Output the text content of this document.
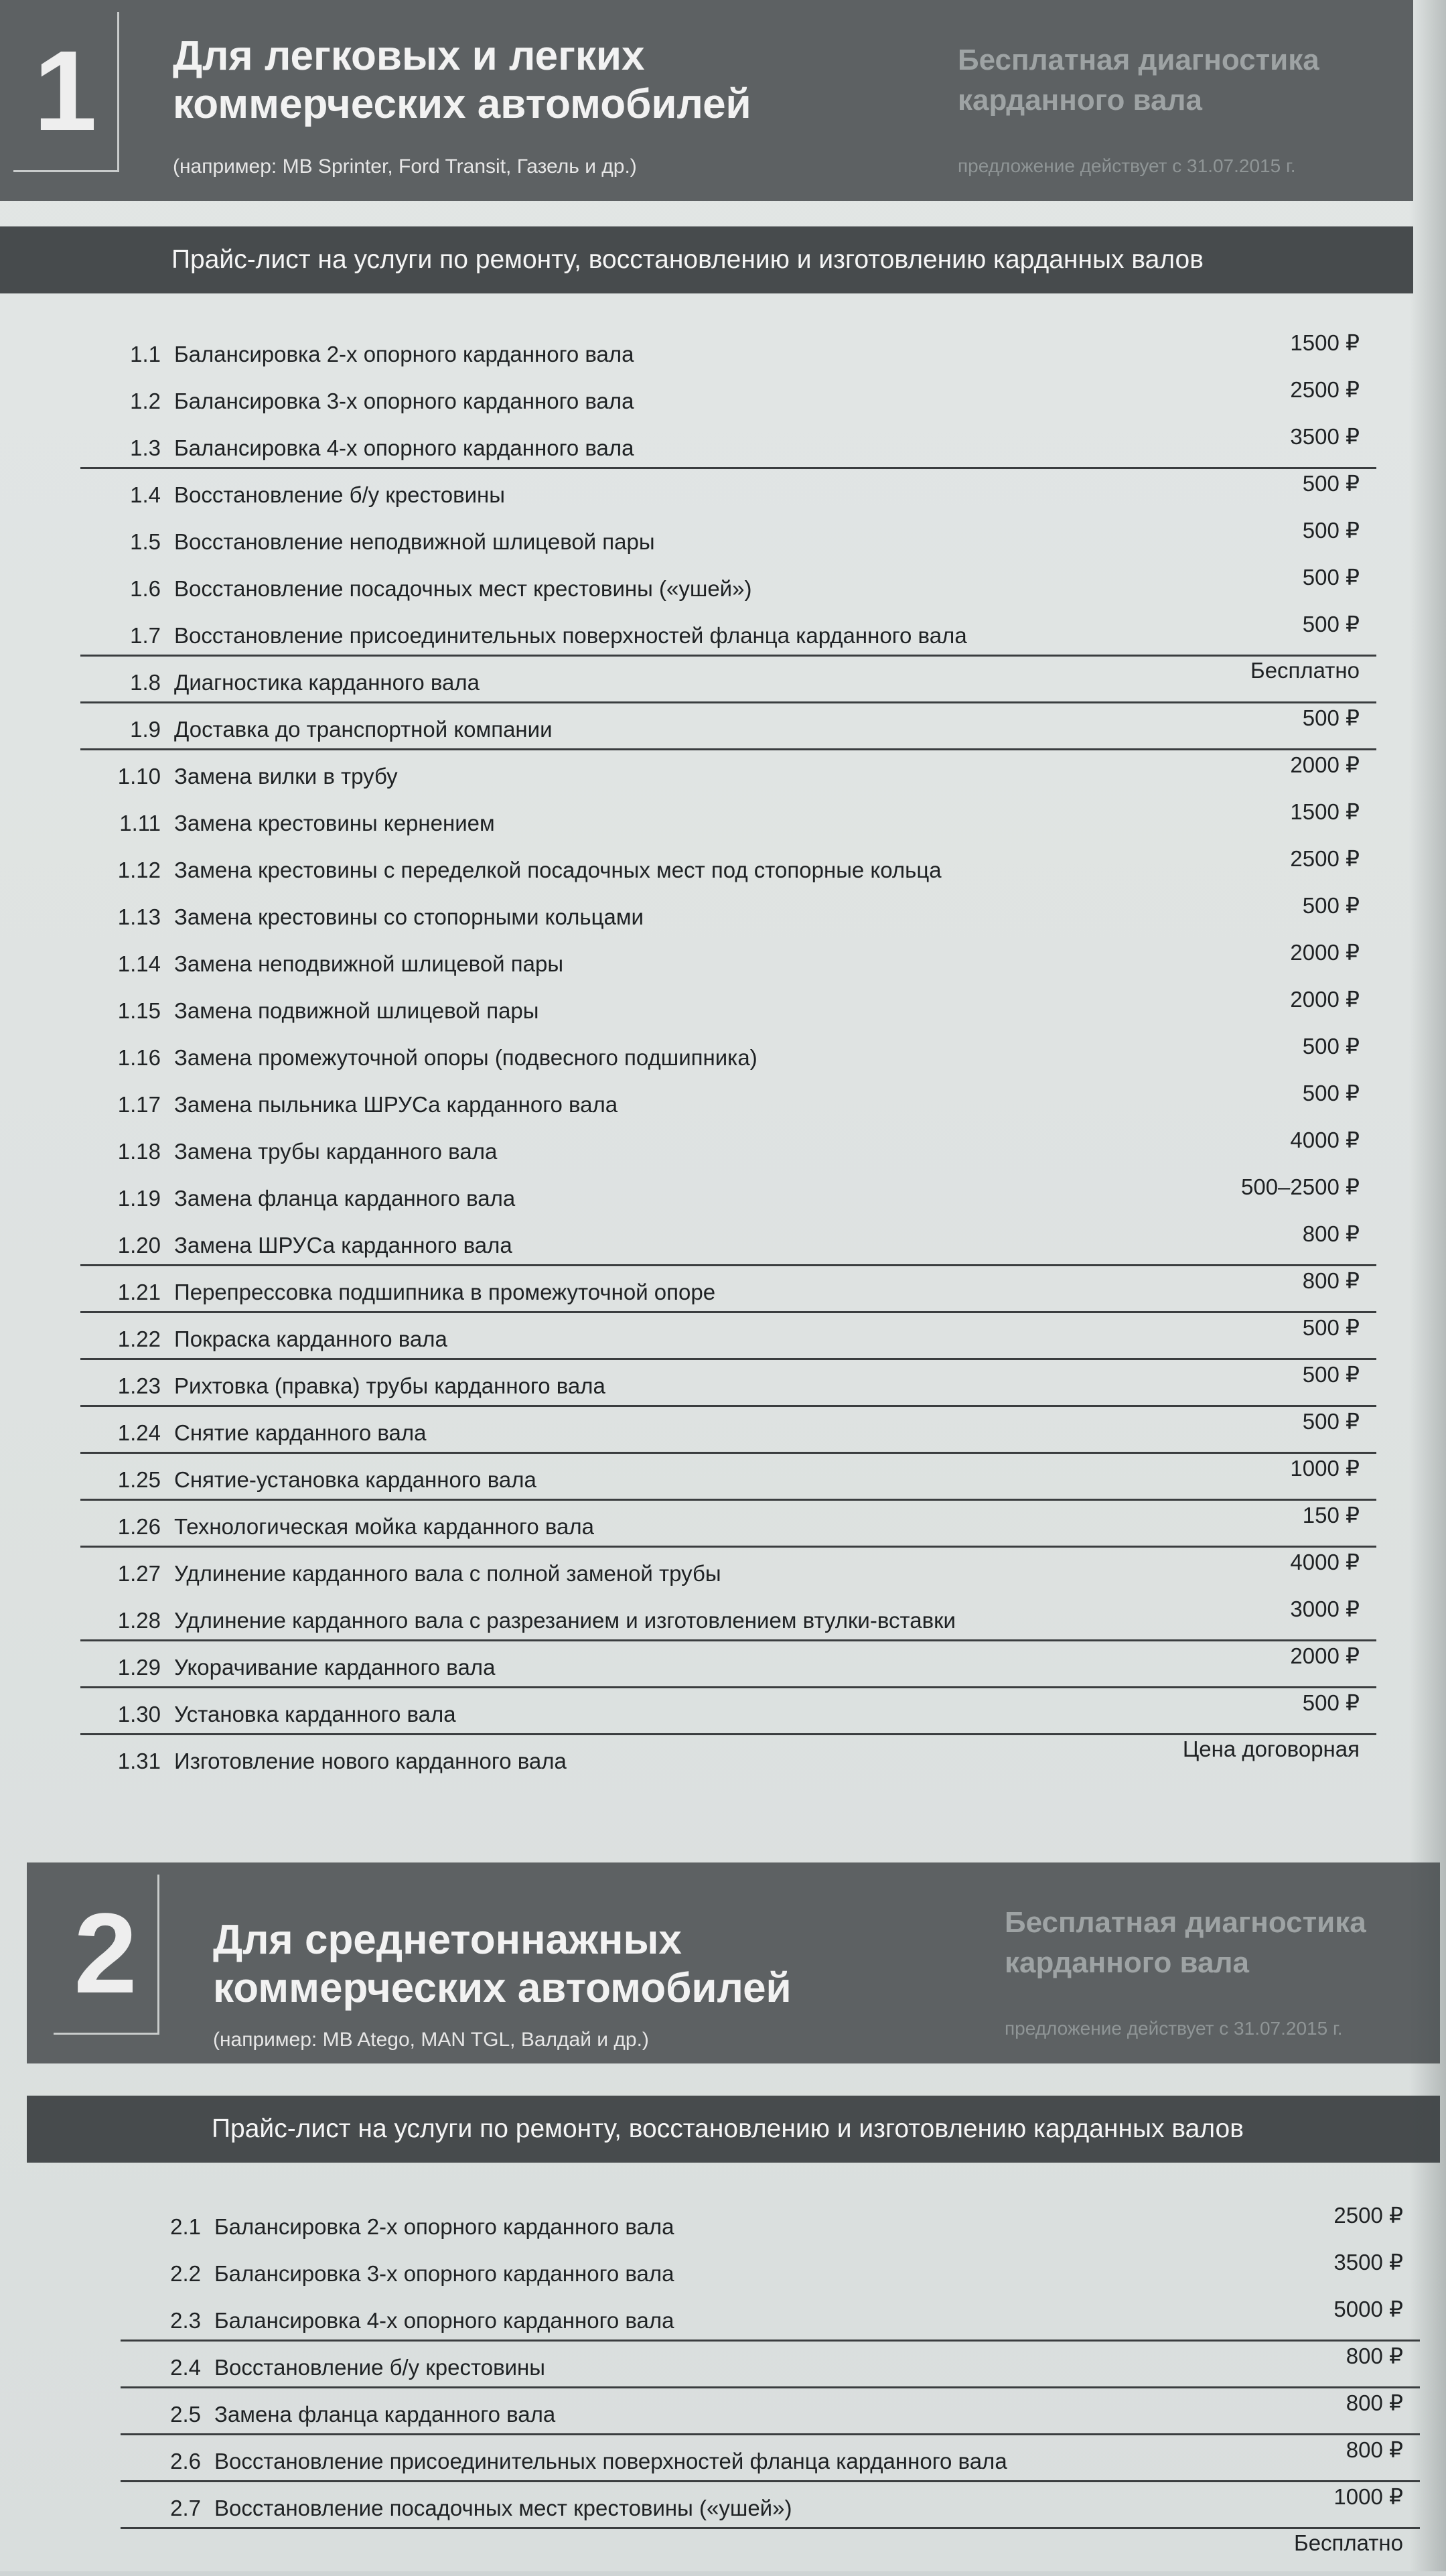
1	Для легковых и легких
коммерческих автомобилей
(например: MB Sprinter, Ford Transit, Газель и др.)
Бесплатная диагностика
карданного вала
предложение действует с 31.07.2015 г.
Прайс-лист на услуги по ремонту, восстановлению и изготовлению карданных валов
1.1 Балансировка 2-х опорного карданного вала	1500 ₽
1.2 Балансировка 3-х опорного карданного вала	2500 ₽
1.3 Балансировка 4-х опорного карданного вала	3500 ₽
1.4 Восстановление б/у крестовины	500 ₽
1.5 Восстановление неподвижной шлицевой пары	500 ₽
1.6 Восстановление посадочных мест крестовины («ушей»)	500 ₽
1.7 Восстановление присоединительных поверхностей фланца карданного вала	500 ₽
1.8 Диагностика карданного вала	Бесплатно
1.9 Доставка до транспортной компании	500 ₽
1.10 Замена вилки в трубу	2000 ₽
1.11 Замена крестовины кернением	1500 ₽
1.12 Замена крестовины с переделкой посадочных мест под стопорные кольца	2500 ₽
1.13 Замена крестовины со стопорными кольцами	500 ₽
1.14 Замена неподвижной шлицевой пары	2000 ₽
1.15 Замена подвижной шлицевой пары	2000 ₽
1.16 Замена промежуточной опоры (подвесного подшипника)	500 ₽
1.17 Замена пыльника ШРУСа карданного вала	500 ₽
1.18 Замена трубы карданного вала	4000 ₽
1.19 Замена фланца карданного вала	500–2500 ₽
1.20 Замена ШРУСа карданного вала	800 ₽
1.21 Перепрессовка подшипника в промежуточной опоре	800 ₽
1.22 Покраска карданного вала	500 ₽
1.23 Рихтовка (правка) трубы карданного вала	500 ₽
1.24 Снятие карданного вала	500 ₽
1.25 Снятие-установка карданного вала	1000 ₽
1.26 Технологическая мойка карданного вала	150 ₽
1.27 Удлинение карданного вала с полной заменой трубы	4000 ₽
1.28 Удлинение карданного вала с разрезанием и изготовлением втулки-вставки	3000 ₽
1.29 Укорачивание карданного вала	2000 ₽
1.30 Установка карданного вала	500 ₽
1.31 Изготовление нового карданного вала	Цена договорная
2	Для среднетоннажных
коммерческих автомобилей
(например: MB Atego, MAN TGL, Валдай и др.)
Бесплатная диагностика
карданного вала
предложение действует с 31.07.2015 г.
Прайс-лист на услуги по ремонту, восстановлению и изготовлению карданных валов
2.1 Балансировка 2-х опорного карданного вала	2500 ₽
2.2 Балансировка 3-х опорного карданного вала	3500 ₽
2.3 Балансировка 4-х опорного карданного вала	5000 ₽
2.4 Восстановление б/у крестовины	800 ₽
2.5 Замена фланца карданного вала	800 ₽
2.6 Восстановление присоединительных поверхностей фланца карданного вала	800 ₽
2.7 Восстановление посадочных мест крестовины («ушей»)	1000 ₽
Бесплатно
